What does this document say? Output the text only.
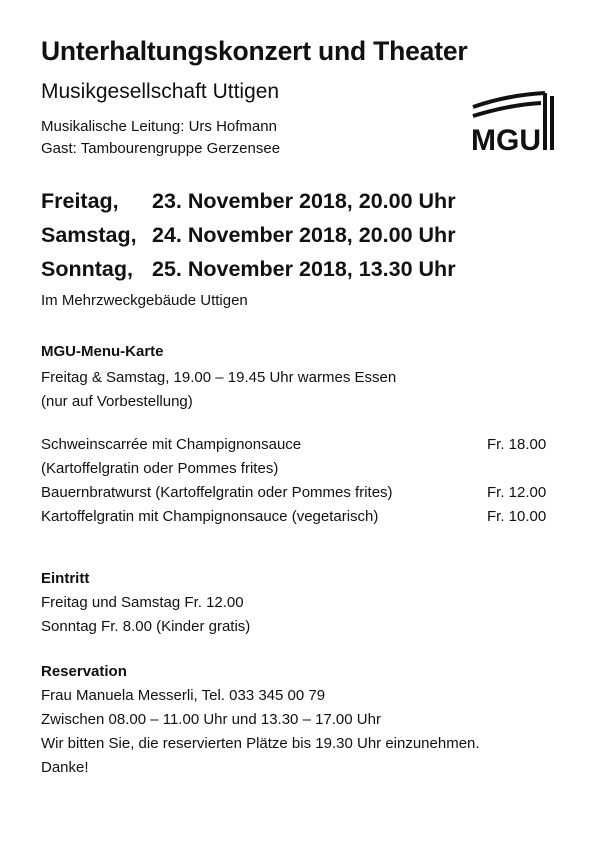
Unterhaltungskonzert und Theater
Musikgesellschaft Uttigen
Musikalische Leitung: Urs Hofmann
Gast: Tambourengruppe Gerzensee	MGU
Freitag,	23. November 2018, 20.00 Uhr
Samstag, 24. November 2018, 20.00 Uhr
Sonntag, 25. November 2018, 13.30 Uhr
Im Mehrzweckgebäude Uttigen
MGU-Menu-Karte
Freitag & Samstag, 19.00 – 19.45 Uhr warmes Essen
(nur auf Vorbestellung)
Schweinscarrée mit Champignonsauce	Fr. 18.00
(Kartoffelgratin oder Pommes frites)
Bauernbratwurst (Kartoffelgratin oder Pommes frites)	Fr. 12.00
Kartoffelgratin mit Champignonsauce (vegetarisch)	Fr. 10.00
Eintritt
Freitag und Samstag Fr. 12.00
Sonntag Fr. 8.00 (Kinder gratis)
Reservation
Frau Manuela Messerli, Tel. 033 345 00 79
Zwischen 08.00 – 11.00 Uhr und 13.30 – 17.00 Uhr
Wir bitten Sie, die reservierten Plätze bis 19.30 Uhr einzunehmen.
Danke!
